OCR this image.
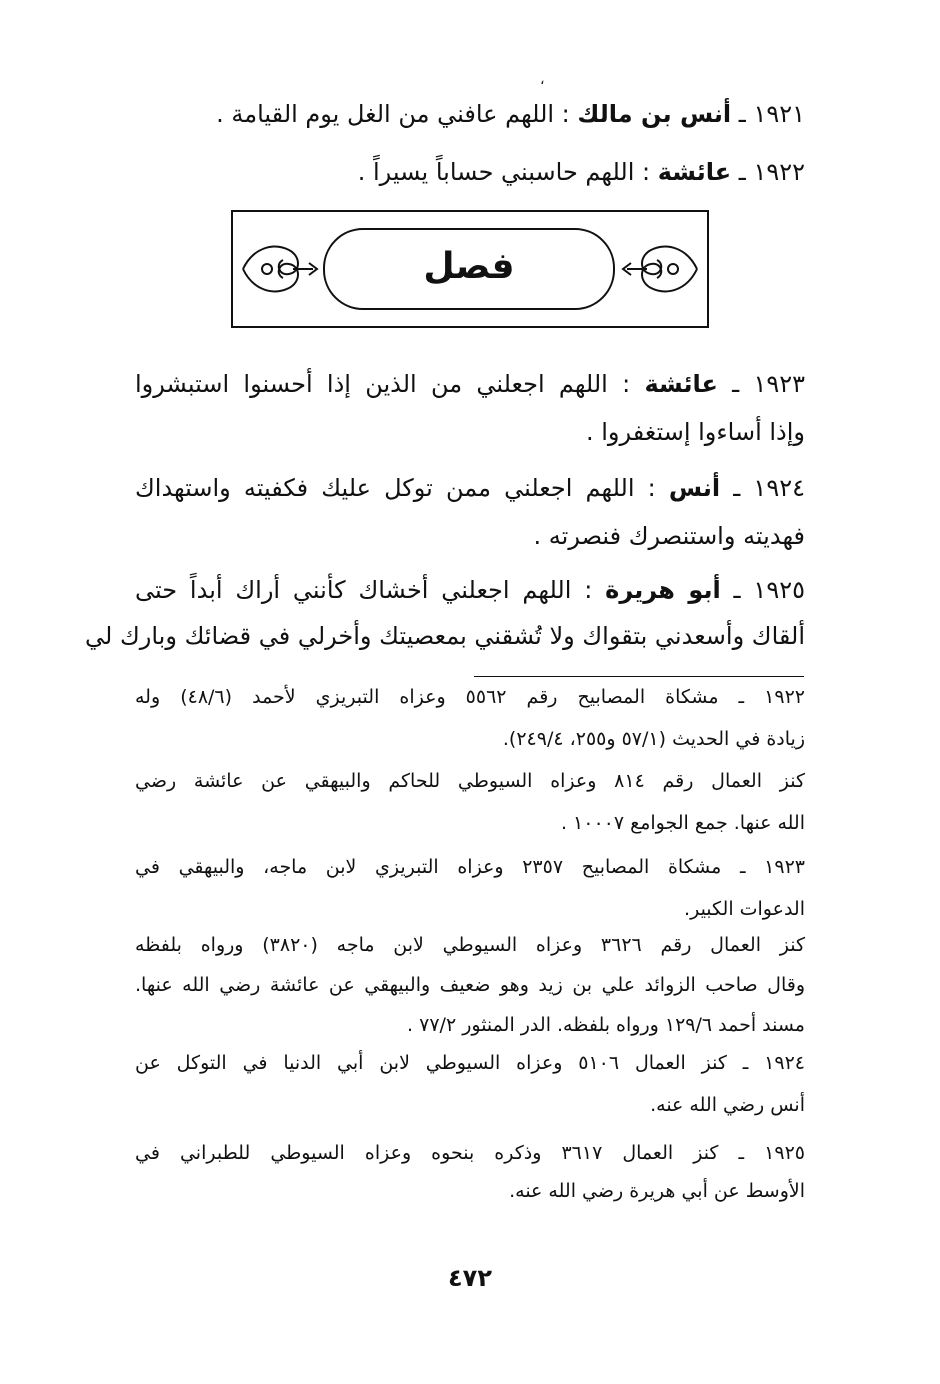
،
١٩٢١ ـ أنس بن مالك : اللهم عافني من الغل يوم القيامة .
١٩٢٢ ـ عائشة : اللهم حاسبني حساباً يسيراً .
فصل
١٩٢٣ ـ عائشة : اللهم اجعلني من الذين إذا أحسنوا استبشروا
وإذا أساءوا إستغفروا .
١٩٢٤ ـ أنس : اللهم اجعلني ممن توكل عليك فكفيته واستهداك
فهديته واستنصرك فنصرته .
١٩٢٥ ـ أبو هريرة : اللهم اجعلني أخشاك كأنني أراك أبداً حتى
ألقاك وأسعدني بتقواك ولا تُشقني بمعصيتك وأخرلي في قضائك وبارك لي
١٩٢٢ ـ مشكاة المصابيح رقم ٥٥٦٢ وعزاه التبريزي لأحمد (٤٨/٦) وله
زيادة في الحديث (٥٧/١ و٢٥٥، ٢٤٩/٤).
كنز العمال رقم ٨١٤ وعزاه السيوطي للحاكم والبيهقي عن عائشة رضي
الله عنها. جمع الجوامع ١٠٠٠٧ .
١٩٢٣ ـ مشكاة المصابيح ٢٣٥٧ وعزاه التبريزي لابن ماجه، والبيهقي في
الدعوات الكبير.
كنز العمال رقم ٣٦٢٦ وعزاه السيوطي لابن ماجه (٣٨٢٠) ورواه بلفظه
وقال صاحب الزوائد علي بن زيد وهو ضعيف والبيهقي عن عائشة رضي الله عنها.
مسند أحمد ١٢٩/٦ ورواه بلفظه. الدر المنثور ٧٧/٢ .
١٩٢٤ ـ كنز العمال ٥١٠٦ وعزاه السيوطي لابن أبي الدنيا في التوكل عن
أنس رضي الله عنه.
١٩٢٥ ـ كنز العمال ٣٦١٧ وذكره بنحوه وعزاه السيوطي للطبراني في
الأوسط عن أبي هريرة رضي الله عنه.
٤٧٢
